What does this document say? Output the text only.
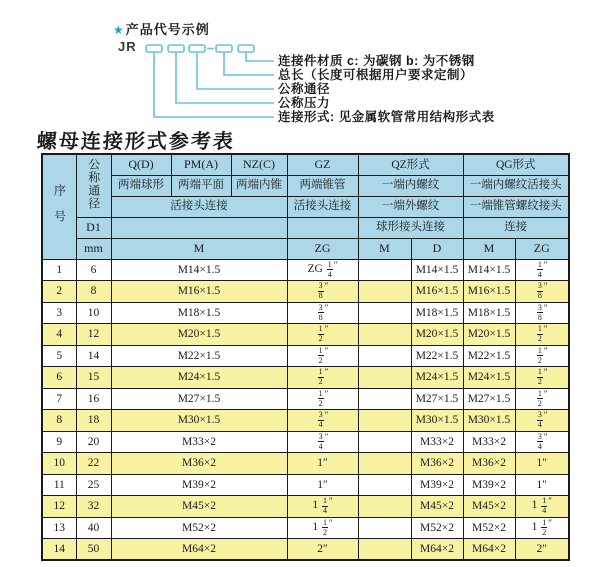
★产品代号示例
JR
连接件材质 c: 为碳钢 b: 为不锈钢
总长（长度可根据用户要求定制）
公称通径
公称压力
连接形式: 见金属软管常用结构形式表
螺母连接形式参考表
序号	公称通径	Q(D)	PM(A)	NZ(C)	GZ	QZ形式		QG形式	
		两端球形	两端平面	两端内锥	两端锥管	一端内螺纹		一端内螺纹活接头	
		活接头连接			活接头连接	一端外螺纹		一端锥管螺纹接头	
	D1					球形接头连接		连接	
	mm	M			ZG	M	D	M	ZG
1	6	M14×1.5			ZG $\frac{1}{4} ''$		M14×1.5	M14×1.5	$\frac{1}{4} ''$
2	8	M16×1.5			$\frac{3}{8} ''$		M16×1.5	M16×1.5	$\frac{3}{8} ''$
3	10	M18×1.5			$\frac{3}{8} ''$		M18×1.5	M18×1.5	$\frac{3}{8} ''$
4	12	M20×1.5			$\frac{1}{2} ''$		M20×1.5	M20×1.5	$\frac{1}{2} ''$
5	14	M22×1.5			$\frac{1}{2} ''$		M22×1.5	M22×1.5	$\frac{1}{2} ''$
6	15	M24×1.5			$\frac{1}{2} ''$		M24×1.5	M24×1.5	$\frac{1}{2} ''$
7	16	M27×1.5			$\frac{1}{2} ''$		M27×1.5	M27×1.5	$\frac{1}{2} ''$
8	18	M30×1.5			$\frac{3}{4} ''$		M30×1.5	M30×1.5	$\frac{3}{4} ''$
9	20	M33×2			$\frac{3}{4} ''$		M33×2	M33×2	$\frac{3}{4} ''$
10	22	M36×2			1″		M36×2	M36×2	1″
11	25	M39×2			1″		M39×2	M39×2	1″
12	32	M45×2			$1 \frac{1}{4} ''$		M45×2	M45×2	$1 \frac{1}{4} ''$
13	40	M52×2			$1 \frac{1}{2} ''$		M52×2	M52×2	$1 \frac{1}{2} ''$
14	50	M64×2			2″		M64×2	M64×2	2″
